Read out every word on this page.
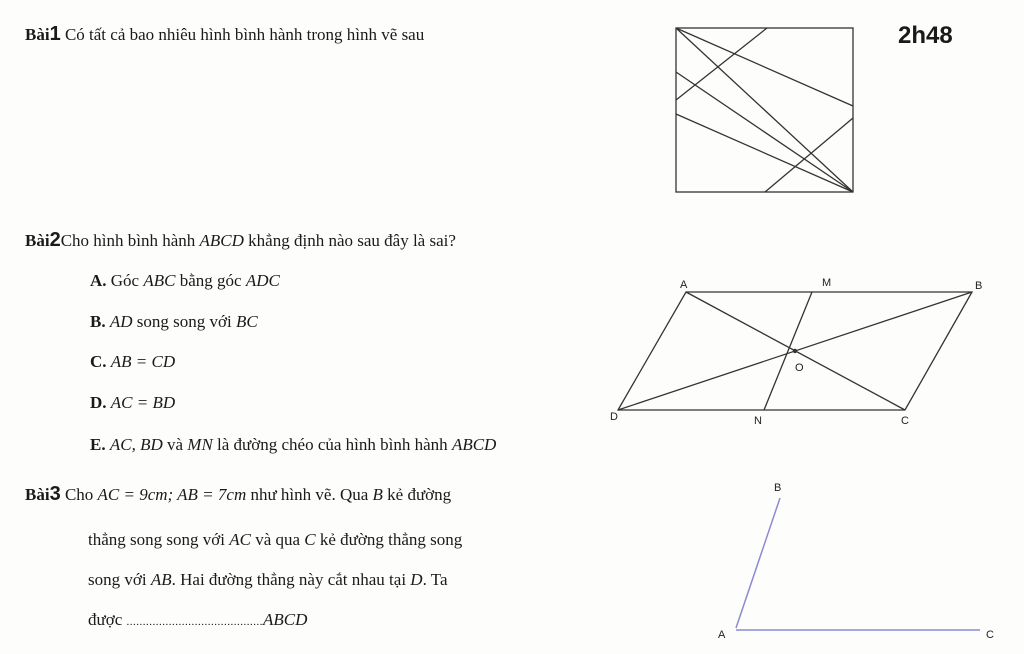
2h48
Bài1 Có tất cả bao nhiêu hình bình hành trong hình vẽ sau
Bài2Cho hình bình hành ABCD khẳng định nào sau đây là sai?
A. Góc ABC bằng góc ADC
B. AD song song với BC
C. AB = CD
D. AC = BD
E. AC, BD và MN là đường chéo của hình bình hành ABCD
A	M	B
O
D	N	C
Bài3 Cho AC = 9cm; AB = 7cm như hình vẽ. Qua B kẻ đường
thẳng song song với AC và qua C kẻ đường thẳng song
song với AB. Hai đường thẳng này cắt nhau tại D. Ta
được ..........................................ABCD
B
A	C
